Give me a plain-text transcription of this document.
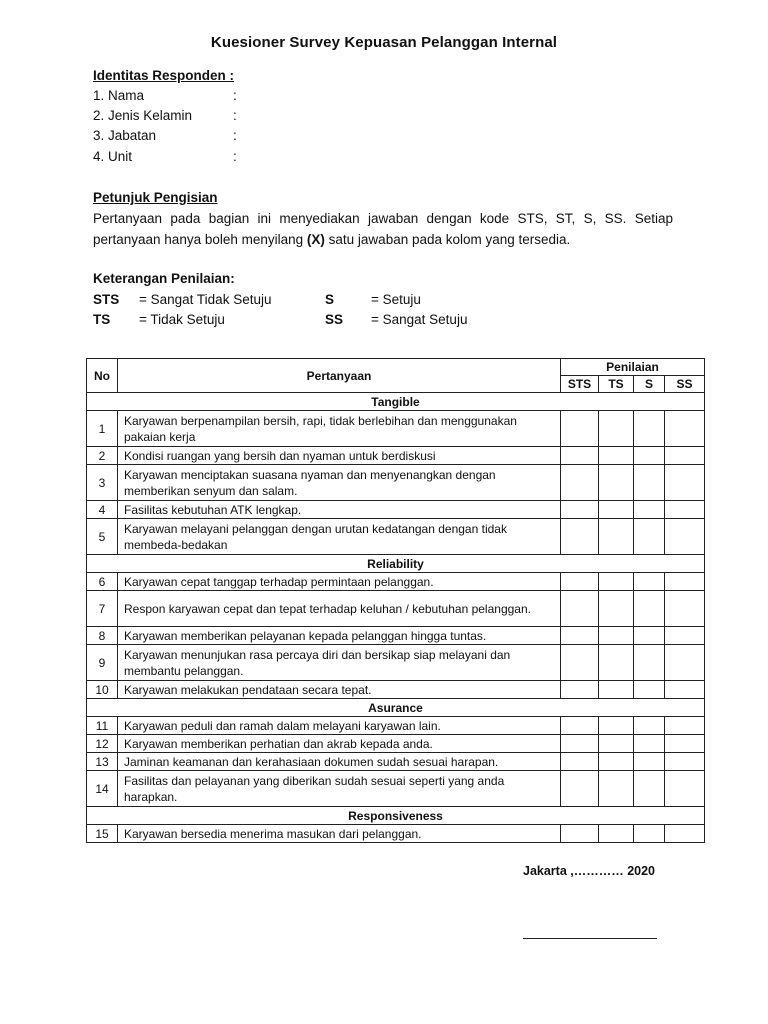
Kuesioner Survey Kepuasan Pelanggan Internal
Identitas Responden :
1. Nama	:
2. Jenis Kelamin	:
3. Jabatan	:
4. Unit	:
Petunjuk Pengisian
Pertanyaan pada bagian ini menyediakan jawaban dengan kode STS, ST, S, SS. Setiap pertanyaan hanya boleh menyilang (X) satu jawaban pada kolom yang tersedia.
Keterangan Penilaian:
STS = Sangat Tidak Setuju	S	= Setuju
TS = Tidak Setuju	SS = Sangat Setuju
No	Pertanyaan	Penilaian			
		STS	TS	S	SS
Tangible					
1	Karyawan berpenampilan bersih, rapi, tidak berlebihan dan menggunakan pakaian kerja				
2	Kondisi ruangan yang bersih dan nyaman untuk berdiskusi				
3	Karyawan menciptakan suasana nyaman dan menyenangkan dengan memberikan senyum dan salam.				
4	Fasilitas kebutuhan ATK lengkap.				
5	Karyawan melayani pelanggan dengan urutan kedatangan dengan tidak membeda-bedakan				
Reliability					
6	Karyawan cepat tanggap terhadap permintaan pelanggan.				
7	Respon karyawan cepat dan tepat terhadap keluhan / kebutuhan pelanggan.				
8	Karyawan memberikan pelayanan kepada pelanggan hingga tuntas.				
9	Karyawan menunjukan rasa percaya diri dan bersikap siap melayani dan membantu pelanggan.				
10	Karyawan melakukan pendataan secara tepat.				
Asurance					
11	Karyawan peduli dan ramah dalam melayani karyawan lain.				
12	Karyawan memberikan perhatian dan akrab kepada anda.				
13	Jaminan keamanan dan kerahasiaan dokumen sudah sesuai harapan.				
14	Fasilitas dan pelayanan yang diberikan sudah sesuai seperti yang anda harapkan.				
Responsiveness					
15	Karyawan bersedia menerima masukan dari pelanggan.				
Jakarta ,………… 2020
